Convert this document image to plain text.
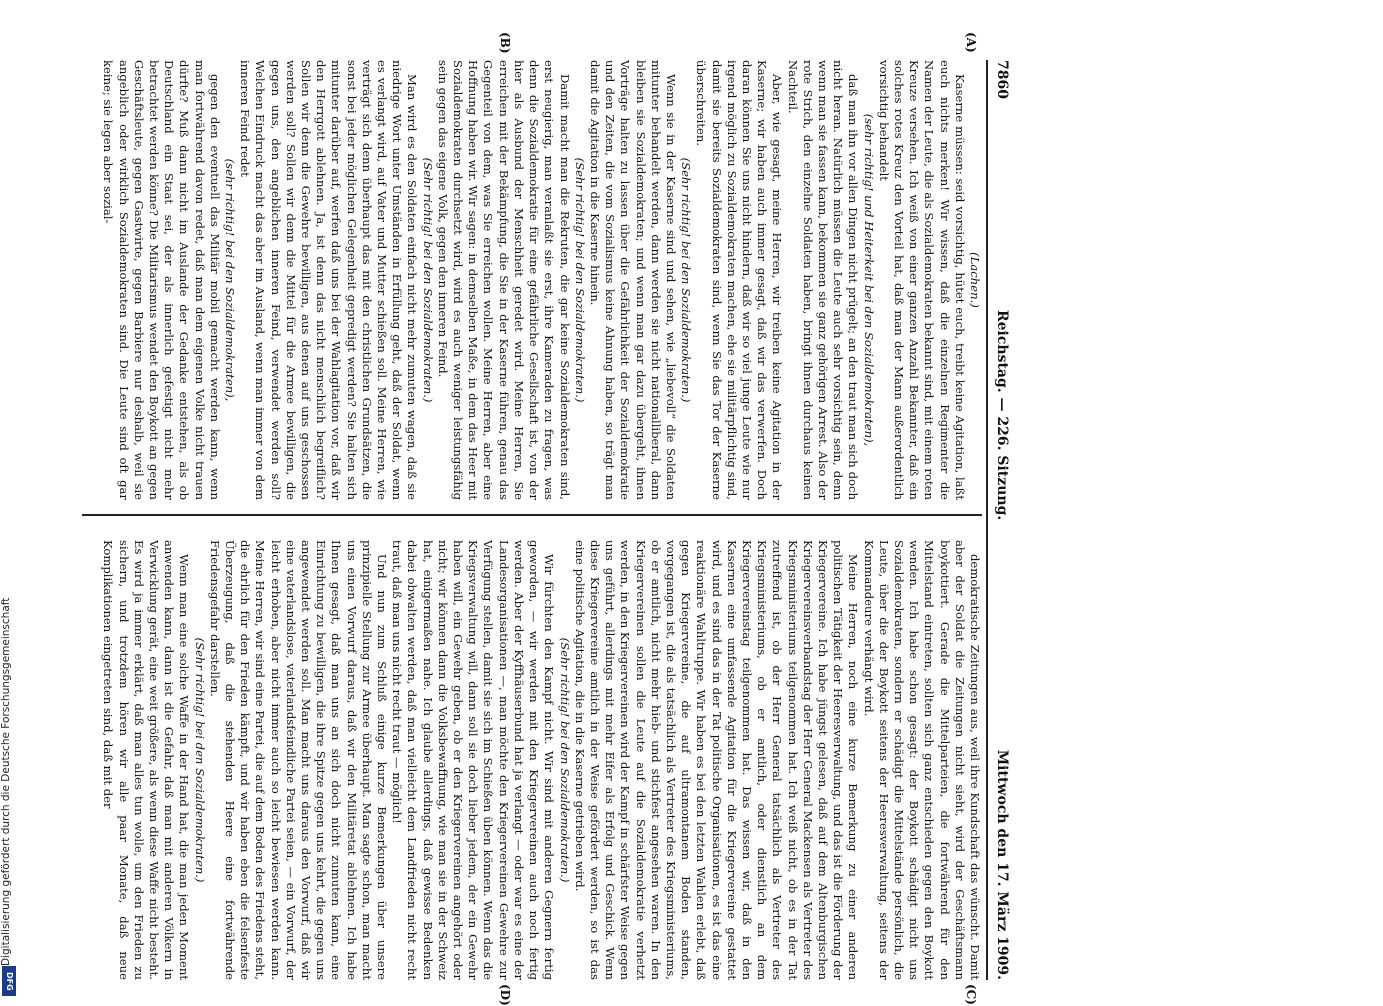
7860
Reichstag. — 226. Sitzung.
Mittwoch den 17. März 1909.
(A)
(B)
(C)
(D)

(Lachen.)

Kaserne müssen: seid vorsichtig, hütet euch, treibt keine Agitation, laßt euch nichts merken! Wir wissen, daß die einzelnen Regimenter die Namen der Leute, die als Sozialdemokraten bekannt sind, mit einem roten Kreuze versehen. Ich weiß von einer ganzen Anzahl Bekannter, daß ein solches rotes Kreuz den Vorteil hat, daß man der Mann außerordentlich vorsichtig behandelt

(sehr richtig! und Heiterkeit bei den Sozialdemokraten),

daß man ihn vor allen Dingen nicht prügelt; an den traut man sich doch nicht heran. Natürlich müssen die Leute auch sehr vorsichtig sein, denn wenn man sie fassen kann, bekommen sie ganz gehörigen Arrest. Also der rote Strich, den einzelne Soldaten haben, bringt ihnen durchaus keinen Nachteil.

Aber, wie gesagt, meine Herren, wir treiben keine Agitation in der Kaserne; wir haben auch immer gesagt, daß wir das verwerfen. Doch daran können Sie uns nicht hindern, daß wir so viel junge Leute wie nur irgend möglich zu Sozialdemokraten machen, ehe sie militärpflichtig sind, damit sie bereits Sozialdemokraten sind, wenn Sie das Tor der Kaserne überschreiten.

(Sehr richtig! bei den Sozialdemokraten.)

Wenn sie in der Kaserne sind und sehen, wie „liebevoll“ die Soldaten mitunter behandelt werden, dann werden sie nicht nationalliberal, dann bleiben sie Sozialdemokraten; und wenn man gar dazu übergeht, ihnen Vorträge halten zu lassen über die Gefährlichkeit der Sozialdemokratie und den Zeiten, die vom Sozialismus keine Ahnung haben, so trägt man damit die Agitation in die Kaserne hinein.

(Sehr richtig! bei den Sozialdemokraten.)

Damit macht man die Rekruten, die gar keine Sozialdemokraten sind, erst neugierig, man veranlaßt sie erst, ihre Kameraden zu fragen, was denn die Sozialdemokratie für eine gefährliche Gesellschaft ist, von der hier als Ausbund der Menschheit geredet wird. Meine Herren, Sie erreichen mit der Bekämpfung, die Sie in der Kaserne führen, genau das Gegenteil von dem, was Sie erreichen wollen. Meine Herren, aber eine Hoffnung haben wir. Wir sagen: in demselben Maße, in dem das Heer mit Sozialdemokraten durchsetzt wird, wird es auch weniger leistungsfähig sein gegen das eigene Volk, gegen den inneren Feind.

(Sehr richtig! bei den Sozialdemokraten.)

Man wird es den Soldaten einfach nicht mehr zumuten wagen, daß sie niedrige Wort unter Umständen in Erfüllung geht, daß der Soldat, wenn es verlangt wird, auf Vater und Mutter schießen soll. Meine Herren, wie verträgt sich denn überhaupt das mit den christlichen Grundsätzen, die sonst bei jeder möglichen Gelegenheit gepredigt werden? Sie halten sich mitunter darüber auf, werfen daß uns bei der Wahlagitation vor, daß wir den Herrgott ablehnen. Ja, ist denn das nicht menschlich begreiflich? Sollen wir denn die Gewehre bewilligen, aus denen auf uns geschossen werden soll? Sollen wir denn die Mittel für die Armee bewilligen, die gegen uns, den angeblichen inneren Feind, verwendet werden soll? Welchen Eindruck macht das aber im Ausland, wenn man immer von dem inneren Feind redet

(sehr richtig! bei den Sozialdemokraten),

gegen den eventuell das Militär mobil gemacht werden kann, wenn man fortwährend davon redet, daß man dem eigenen Volke nicht trauen dürfte? Muß dann nicht im Auslande der Gedanke entstehen, als ob Deutschland ein Staat sei, der als innerlich gefestigt nicht mehr betrachtet werden könne? Die Militarismus wendet den Boykott an gegen Geschäftsleute, gegen Gastwirte, gegen Barbiere nur deshalb, weil sie angeblich oder wirklich Sozialdemokraten sind. Die Leute sind oft gar keine; sie legen aber sozial-

demokratische Zeitungen aus, weil ihre Kundschaft das wünscht. Damit aber der Soldat die Zeitungen nicht sieht, wird der Geschäftsmann boykottiert. Gerade die Mittelparteien, die fortwährend für den Mittelstand eintreten, sollten sich ganz entschieden gegen den Boykott wenden. Ich habe schon gesagt: der Boykott schädigt nicht uns Sozialdemokraten, sondern er schädigt die Mittelstände persönlich, die Leute, über die der Boykott seitens der Heeresverwaltung, seitens der Kommandeure verhängt wird.

Meine Herren, noch eine kurze Bemerkung zu einer anderen politischen Tätigkeit der Heeresverwaltung, und das ist die Förderung der Kriegervereine. Ich habe jüngst gelesen, daß auf dem Altenburgischen Kriegervereinsverbandstag der Herr General Mackensen als Vertreter des Kriegsministeriums teilgenommen hat. Ich weiß nicht, ob es in der Tat zutreffend ist, ob der Herr General tatsächlich als Vertreter des Kriegsministeriums, ob er amtlich, oder dienstlich an dem Kriegervereinstag teilgenommen hat. Das wissen wir, daß in den Kasernen eine umfassende Agitation für die Kriegervereine gestattet wird, und es sind das in der Tat politische Organisationen, es ist das eine reaktionäre Wahltruppe. Wir haben es bei den letzten Wahlen erlebt, daß gegen Kriegervereine, die auf ultramontanem Boden standen, vorgegangen ist, die als tatsächlich als Vertreter des Kriegsministeriums, ob er amtlich, nicht mehr hieb- und stichfest angesehen waren. In den Kriegervereinen sollen die Leute auf die Sozialdemokratie verhetzt werden, in den Kriegervereinen wird der Kampf in schärfster Weise gegen uns geführt, allerdings mit mehr Eifer als Erfolg und Geschick. Wenn diese Kriegervereine amtlich in der Weise gefördert werden, so ist das eine politische Agitation, die in die Kaserne getrieben wird.

(Sehr richtig! bei den Sozialdemokraten.)

Wir fürchten den Kampf nicht. Wir sind mit anderen Gegnern fertig geworden, — wir werden mit den Kriegervereinen auch noch fertig werden. Aber der Kyffhäuserbund hat ja verlangt — oder war es eine der Landesorganisationen —, man möchte den Kriegervereinen Gewehre zur Verfügung stellen, damit sie sich im Schießen üben können. Wenn das die Kriegsverwaltung will, dann soll sie doch lieber jedem, der ein Gewehr haben will, ein Gewehr geben, ob er den Kriegervereinen angehört oder nicht; wir können dann die Volksbewaffnung, wie man sie in der Schweiz hat, einigermaßen nahe. Ich glaube allerdings, daß gewisse Bedenken dabei obwalten werden, daß man vielleicht dem Landfrieden nicht recht traut, daß man uns nicht recht traut — möglich!

Und nun zum Schluß einige kurze Bemerkungen über unsere prinzipielle Stellung zur Armee überhaupt. Man sagte schon, man macht uns einen Vorwurf daraus, daß wir den Militäretat ablehnen. Ich habe Ihnen gesagt, daß man uns an sich doch nicht zumuten kann, eine Einrichtung zu bewilligen, die ihre Spitze gegen uns kehrt, die gegen uns angewendet werden soll. Man macht uns daraus den Vorwurf, daß wir eine vaterlandslose, vaterlandsfeindliche Partei seien, — ein Vorwurf, der leicht erhoben, aber nicht immer auch so leicht bewiesen werden kann. Meine Herren, wir sind eine Partei, die auf dem Boden des Friedens steht, die ehrlich für den Frieden kämpft, und wir haben eben die felsenfeste Überzeugung, daß die stehenden Heere eine fortwährende Friedensgefahr darstellen.

(Sehr richtig! bei den Sozialdemokraten.)

Wenn man eine solche Waffe in der Hand hat, die man jeden Moment anwenden kann, dann ist die Gefahr, daß man mit anderen Völkern in Verwicklung gerät, eine weit größere, als wenn diese Waffe nicht besteht. Es wird ja immer erklärt, daß man alles tun wolle, um den Frieden zu sichern, und trotzdem hören wir alle paar Monate, daß neue Komplikationen eingetreten sind, daß mit der

Digitalisierung gefördert durch die Deutsche Forschungsgemeinschaft
DFG
